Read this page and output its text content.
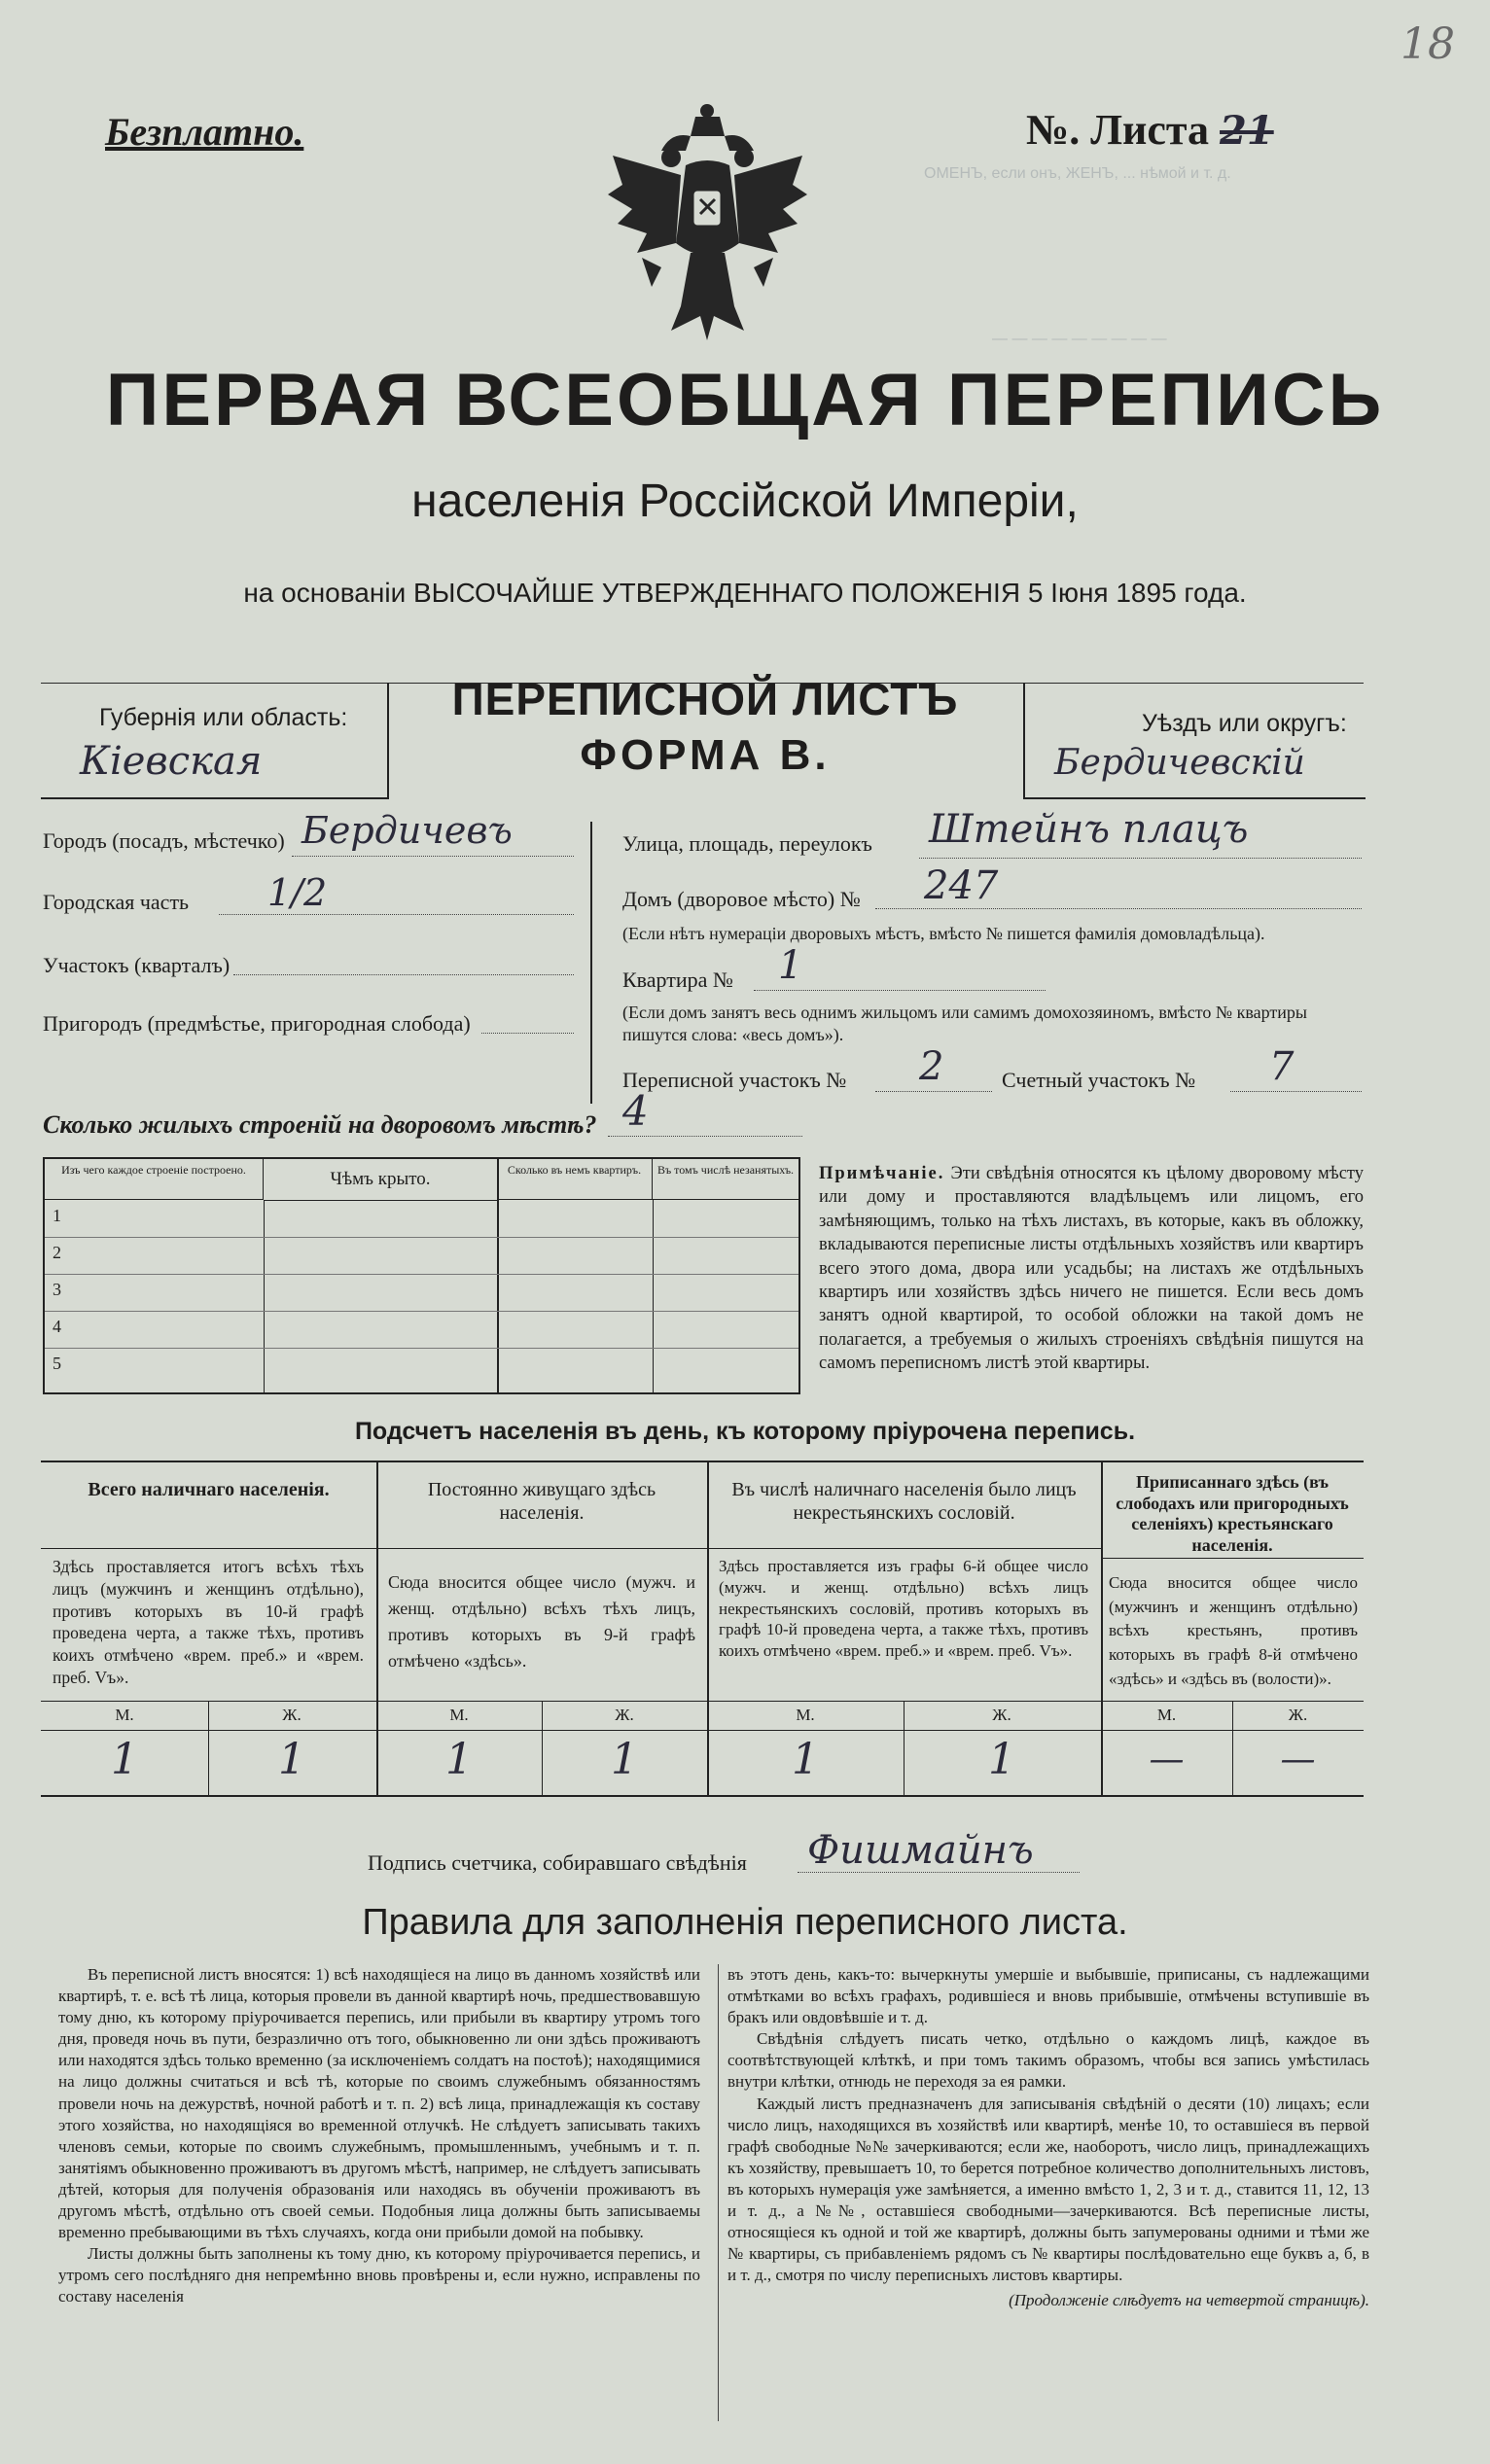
ОМЕНЪ, если онъ, ЖЕНЪ, ... нѣмой и т. д.
— — — — — — — — —
18
Безплатно.	№. Листа 21
ПЕРВАЯ ВСЕОБЩАЯ ПЕРЕПИСЬ
населенія Россійской Имперіи,
на основаніи ВЫСОЧАЙШЕ УТВЕРЖДЕННАГО ПОЛОЖЕНІЯ 5 Іюня 1895 года.
Губернія или область:
Кіевская
ПЕРЕПИСНОЙ ЛИСТЪ
ФОРМА В.
Уѣздъ или округъ:
Бердичевскій
Городъ (посадъ, мѣстечко) Бердичевъ
Городская часть 1/2
Участокъ (кварталъ)
Пригородъ (предмѣстье, пригородная слобода)
Улица, площадь, переулокъ Штейнъ плацъ
Домъ (дворовое мѣсто) № 247
(Если нѣтъ нумераціи дворовыхъ мѣстъ, вмѣсто № пишется фамилія домовладѣльца).
Квартира № 1
(Если домъ занятъ весь однимъ жильцомъ или самимъ домохозяиномъ, вмѣсто № квартиры пишутся слова: «весь домъ»).
Переписной участокъ № 2	Счетный участокъ № 7
Сколько жилыхъ строеній на дворовомъ мѣстѣ? 4
Изъ чего каждое строеніе построено.	Чѣмъ крыто.	Сколько въ немъ квартиръ.	Въ томъ числѣ незанятыхъ.
1
2
3
4
5
Примѣчаніе. Эти свѣдѣнія относятся къ цѣлому дворовому мѣсту или дому и проставляются владѣльцемъ или лицомъ, его замѣняющимъ, только на тѣхъ листахъ, въ которые, какъ въ обложку, вкладываются переписные листы отдѣльныхъ хозяйствъ или квартиръ всего этого дома, двора или усадьбы; на листахъ же отдѣльныхъ квартиръ или хозяйствъ здѣсь ничего не пишется. Если весь домъ занятъ одной квартирой, то особой обложки на такой домъ не полагается, а требуемыя о жилыхъ строеніяхъ свѣдѣнія пишутся на самомъ переписномъ листѣ этой квартиры.
Подсчетъ населенія въ день, къ которому пріурочена перепись.
Всего наличнаго населенія.
Здѣсь проставляется итогъ всѣхъ тѣхъ лицъ (мужчинъ и женщинъ отдѣльно), противъ которыхъ въ 10-й графѣ проведена черта, а также тѣхъ, противъ коихъ отмѣчено «врем. преб.» и «врем. преб. Vъ».
М.	Ж.
1	1
Постоянно живущаго здѣсь населенія.
Сюда вносится общее число (мужч. и женщ. отдѣльно) всѣхъ тѣхъ лицъ, противъ которыхъ въ 9-й графѣ отмѣчено «здѣсь».
М.	Ж.
1	1
Въ числѣ наличнаго населенія было лицъ некрестьянскихъ сословій.
Здѣсь проставляется изъ графы 6-й общее число (мужч. и женщ. отдѣльно) всѣхъ лицъ некрестьянскихъ сословій, противъ которыхъ въ графѣ 10-й проведена черта, а также тѣхъ, противъ коихъ отмѣчено «врем. преб.» и «врем. преб. Vъ».
М.	Ж.
1	1
Приписаннаго здѣсь (въ слободахъ или пригородныхъ селеніяхъ) крестьянскаго населенія.
Сюда вносится общее число (мужчинъ и женщинъ отдѣльно) всѣхъ крестьянъ, противъ которыхъ въ графѣ 8-й отмѣчено «здѣсь» и «здѣсь въ (волости)».
М.	Ж.
—	—
Подпись счетчика, собиравшаго свѣдѣнія Фишмайнъ
Правила для заполненія переписного листа.

Въ переписной листъ вносятся: 1) всѣ находящіеся на лицо въ данномъ хозяйствѣ или квартирѣ, т. е. всѣ тѣ лица, которыя провели въ данной квартирѣ ночь, предшествовавшую тому дню, къ которому пріурочивается перепись, или прибыли въ квартиру утромъ того дня, проведя ночь въ пути, безразлично отъ того, обыкновенно ли они здѣсь проживаютъ или находятся здѣсь только временно (за исключеніемъ солдатъ на постоѣ); находящимися на лицо должны считаться и всѣ тѣ, которые по своимъ служебнымъ обязанностямъ провели ночь на дежурствѣ, ночной работѣ и т. п. 2) всѣ лица, принадлежащія къ составу этого хозяйства, но находящіяся во временной отлучкѣ. Не слѣдуетъ записывать такихъ членовъ семьи, которые по своимъ служебнымъ, промышленнымъ, учебнымъ и т. п. занятіямъ обыкновенно проживаютъ въ другомъ мѣстѣ, например, не слѣдуетъ записывать дѣтей, которыя для полученія образованія или находясь въ обученіи проживаютъ въ другомъ мѣстѣ, отдѣльно отъ своей семьи. Подобныя лица должны быть записываемы временно пребывающими въ тѣхъ случаяхъ, когда они прибыли домой на побывку.

Листы должны быть заполнены къ тому дню, къ которому пріурочивается перепись, и утромъ сего послѣдняго дня непремѣнно вновь провѣрены и, если нужно, исправлены по составу населенія

въ этотъ день, какъ-то: вычеркнуты умершіе и выбывшіе, приписаны, съ надлежащими отмѣтками во всѣхъ графахъ, родившіеся и вновь прибывшіе, отмѣчены вступившіе въ бракъ или овдовѣвшіе и т. д.

Свѣдѣнія слѣдуетъ писать четко, отдѣльно о каждомъ лицѣ, каждое въ соотвѣтствующей клѣткѣ, и при томъ такимъ образомъ, чтобы вся запись умѣстилась внутри клѣтки, отнюдь не переходя за ея рамки.

Каждый листъ предназначенъ для записыванія свѣдѣній о десяти (10) лицахъ; если число лицъ, находящихся въ хозяйствѣ или квартирѣ, менѣе 10, то оставшіеся въ первой графѣ свободные №№ зачеркиваются; если же, наоборотъ, число лицъ, принадлежащихъ къ хозяйству, превышаетъ 10, то берется потребное количество дополнительныхъ листовъ, въ которыхъ нумерація уже замѣняется, а именно вмѣсто 1, 2, 3 и т. д., ставится 11, 12, 13 и т. д., а №№, оставшіеся свободными—зачеркиваются. Всѣ переписные листы, относящіеся къ одной и той же квартирѣ, должны быть запумерованы одними и тѣми же № квартиры, съ прибавленіемъ рядомъ съ № квартиры послѣдовательно еще буквъ а, б, в и т. д., смотря по числу переписныхъ листовъ квартиры.

(Продолженіе слѣдуетъ на четвертой страницѣ).
